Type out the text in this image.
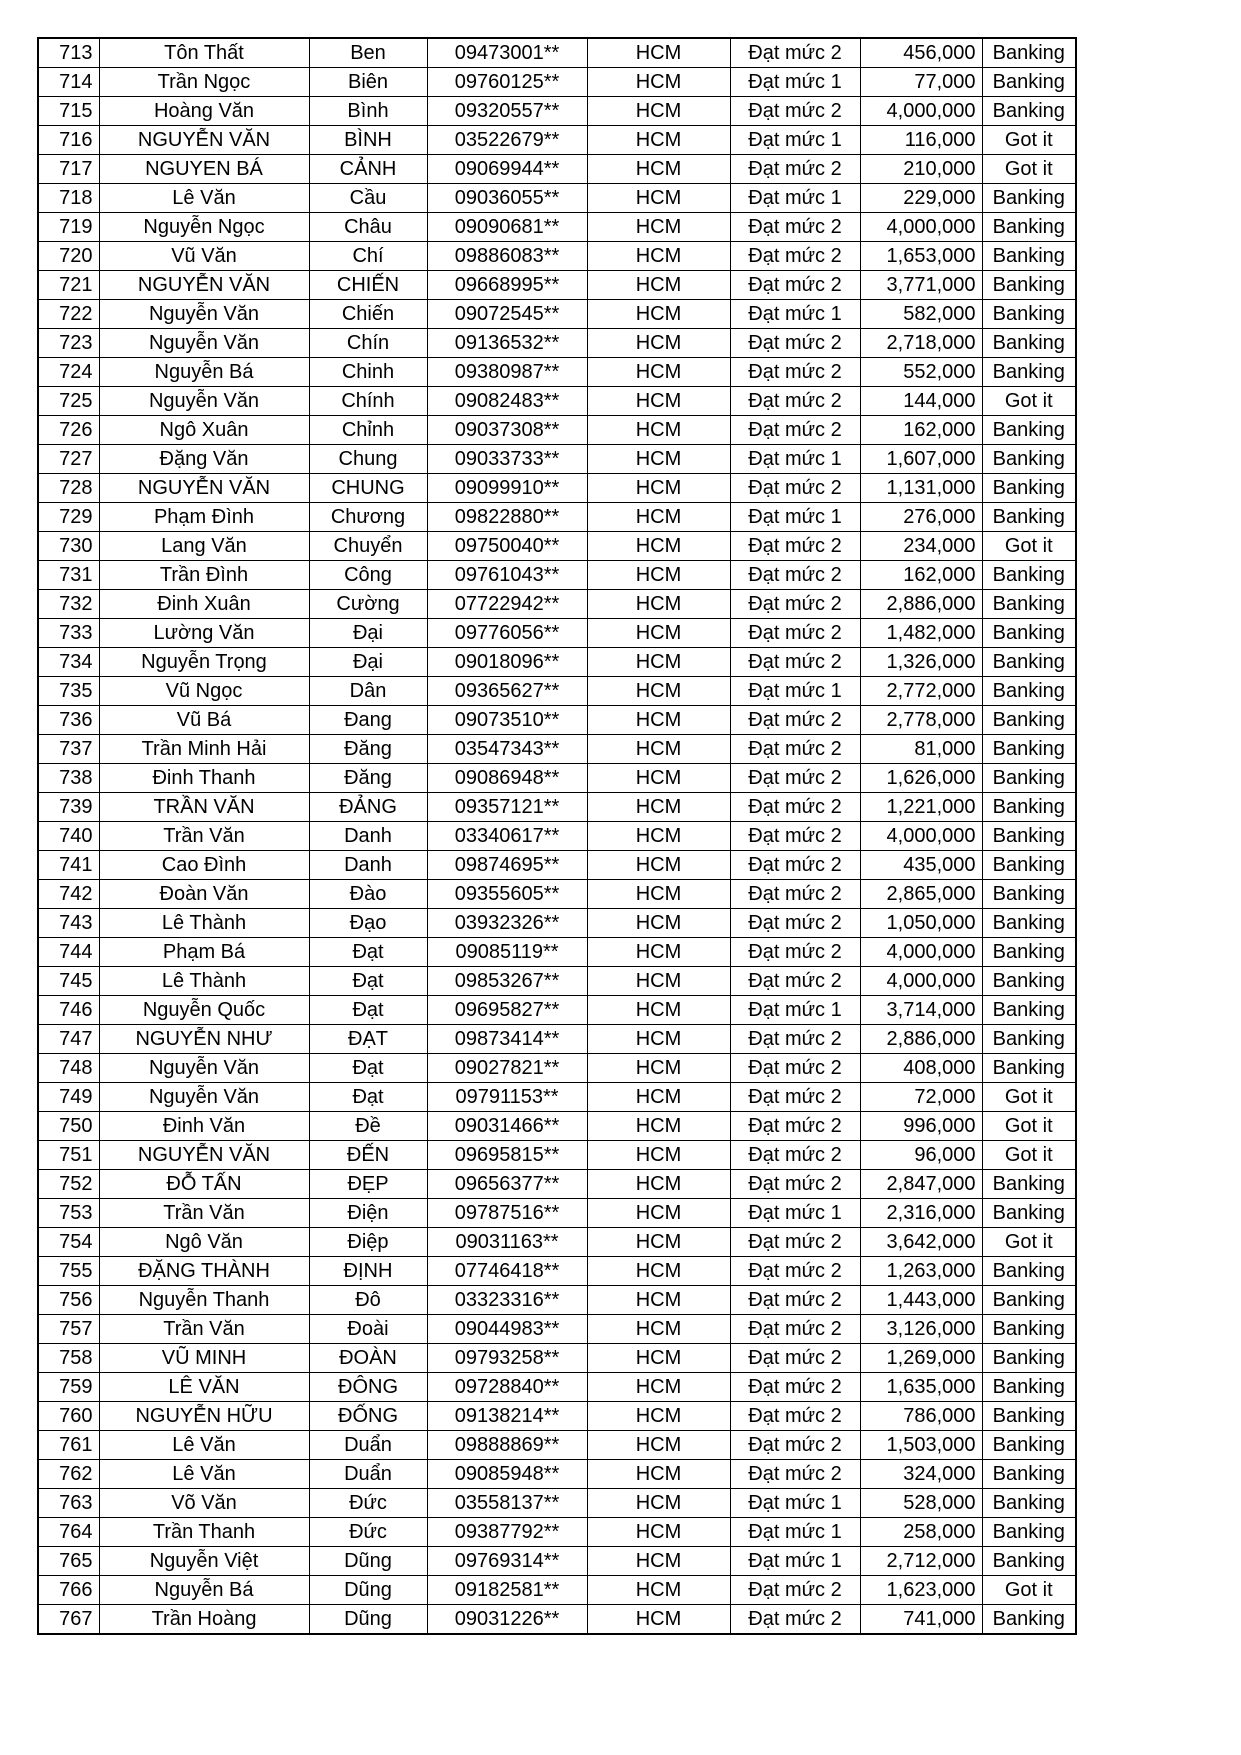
713	Tôn Thất	Ben	09473001**	HCM	Đạt mức 2	456,000	Banking
714	Trần Ngọc	Biên	09760125**	HCM	Đạt mức 1	77,000	Banking
715	Hoàng Văn	Bình	09320557**	HCM	Đạt mức 2	4,000,000	Banking
716	NGUYỄN VĂN	BÌNH	03522679**	HCM	Đạt mức 1	116,000	Got it
717	NGUYEN BÁ	CẢNH	09069944**	HCM	Đạt mức 2	210,000	Got it
718	Lê Văn	Cầu	09036055**	HCM	Đạt mức 1	229,000	Banking
719	Nguyễn Ngọc	Châu	09090681**	HCM	Đạt mức 2	4,000,000	Banking
720	Vũ Văn	Chí	09886083**	HCM	Đạt mức 2	1,653,000	Banking
721	NGUYỄN VĂN	CHIẾN	09668995**	HCM	Đạt mức 2	3,771,000	Banking
722	Nguyễn Văn	Chiến	09072545**	HCM	Đạt mức 1	582,000	Banking
723	Nguyễn Văn	Chín	09136532**	HCM	Đạt mức 2	2,718,000	Banking
724	Nguyễn Bá	Chinh	09380987**	HCM	Đạt mức 2	552,000	Banking
725	Nguyễn Văn	Chính	09082483**	HCM	Đạt mức 2	144,000	Got it
726	Ngô Xuân	Chỉnh	09037308**	HCM	Đạt mức 2	162,000	Banking
727	Đặng Văn	Chung	09033733**	HCM	Đạt mức 1	1,607,000	Banking
728	NGUYỄN VĂN	CHUNG	09099910**	HCM	Đạt mức 2	1,131,000	Banking
729	Phạm Đình	Chương	09822880**	HCM	Đạt mức 1	276,000	Banking
730	Lang Văn	Chuyển	09750040**	HCM	Đạt mức 2	234,000	Got it
731	Trần Đình	Công	09761043**	HCM	Đạt mức 2	162,000	Banking
732	Đinh Xuân	Cường	07722942**	HCM	Đạt mức 2	2,886,000	Banking
733	Lường Văn	Đại	09776056**	HCM	Đạt mức 2	1,482,000	Banking
734	Nguyễn Trọng	Đại	09018096**	HCM	Đạt mức 2	1,326,000	Banking
735	Vũ Ngọc	Dân	09365627**	HCM	Đạt mức 1	2,772,000	Banking
736	Vũ Bá	Đang	09073510**	HCM	Đạt mức 2	2,778,000	Banking
737	Trần Minh Hải	Đăng	03547343**	HCM	Đạt mức 2	81,000	Banking
738	Đinh Thanh	Đăng	09086948**	HCM	Đạt mức 2	1,626,000	Banking
739	TRẦN VĂN	ĐẢNG	09357121**	HCM	Đạt mức 2	1,221,000	Banking
740	Trần Văn	Danh	03340617**	HCM	Đạt mức 2	4,000,000	Banking
741	Cao Đình	Danh	09874695**	HCM	Đạt mức 2	435,000	Banking
742	Đoàn Văn	Đào	09355605**	HCM	Đạt mức 2	2,865,000	Banking
743	Lê Thành	Đạo	03932326**	HCM	Đạt mức 2	1,050,000	Banking
744	Phạm Bá	Đạt	09085119**	HCM	Đạt mức 2	4,000,000	Banking
745	Lê Thành	Đạt	09853267**	HCM	Đạt mức 2	4,000,000	Banking
746	Nguyễn Quốc	Đạt	09695827**	HCM	Đạt mức 1	3,714,000	Banking
747	NGUYỄN NHƯ	ĐẠT	09873414**	HCM	Đạt mức 2	2,886,000	Banking
748	Nguyễn Văn	Đạt	09027821**	HCM	Đạt mức 2	408,000	Banking
749	Nguyễn Văn	Đạt	09791153**	HCM	Đạt mức 2	72,000	Got it
750	Đinh Văn	Đề	09031466**	HCM	Đạt mức 2	996,000	Got it
751	NGUYỄN VĂN	ĐẾN	09695815**	HCM	Đạt mức 2	96,000	Got it
752	ĐỖ TẤN	ĐẸP	09656377**	HCM	Đạt mức 2	2,847,000	Banking
753	Trần Văn	Điện	09787516**	HCM	Đạt mức 1	2,316,000	Banking
754	Ngô Văn	Điệp	09031163**	HCM	Đạt mức 2	3,642,000	Got it
755	ĐẶNG THÀNH	ĐỊNH	07746418**	HCM	Đạt mức 2	1,263,000	Banking
756	Nguyễn Thanh	Đô	03323316**	HCM	Đạt mức 2	1,443,000	Banking
757	Trần Văn	Đoài	09044983**	HCM	Đạt mức 2	3,126,000	Banking
758	VŨ MINH	ĐOÀN	09793258**	HCM	Đạt mức 2	1,269,000	Banking
759	LÊ VĂN	ĐÔNG	09728840**	HCM	Đạt mức 2	1,635,000	Banking
760	NGUYỄN HỮU	ĐỐNG	09138214**	HCM	Đạt mức 2	786,000	Banking
761	Lê Văn	Duẩn	09888869**	HCM	Đạt mức 2	1,503,000	Banking
762	Lê Văn	Duẩn	09085948**	HCM	Đạt mức 2	324,000	Banking
763	Võ Văn	Đức	03558137**	HCM	Đạt mức 1	528,000	Banking
764	Trần Thanh	Đức	09387792**	HCM	Đạt mức 1	258,000	Banking
765	Nguyễn Việt	Dũng	09769314**	HCM	Đạt mức 1	2,712,000	Banking
766	Nguyễn Bá	Dũng	09182581**	HCM	Đạt mức 2	1,623,000	Got it
767	Trần Hoàng	Dũng	09031226**	HCM	Đạt mức 2	741,000	Banking
